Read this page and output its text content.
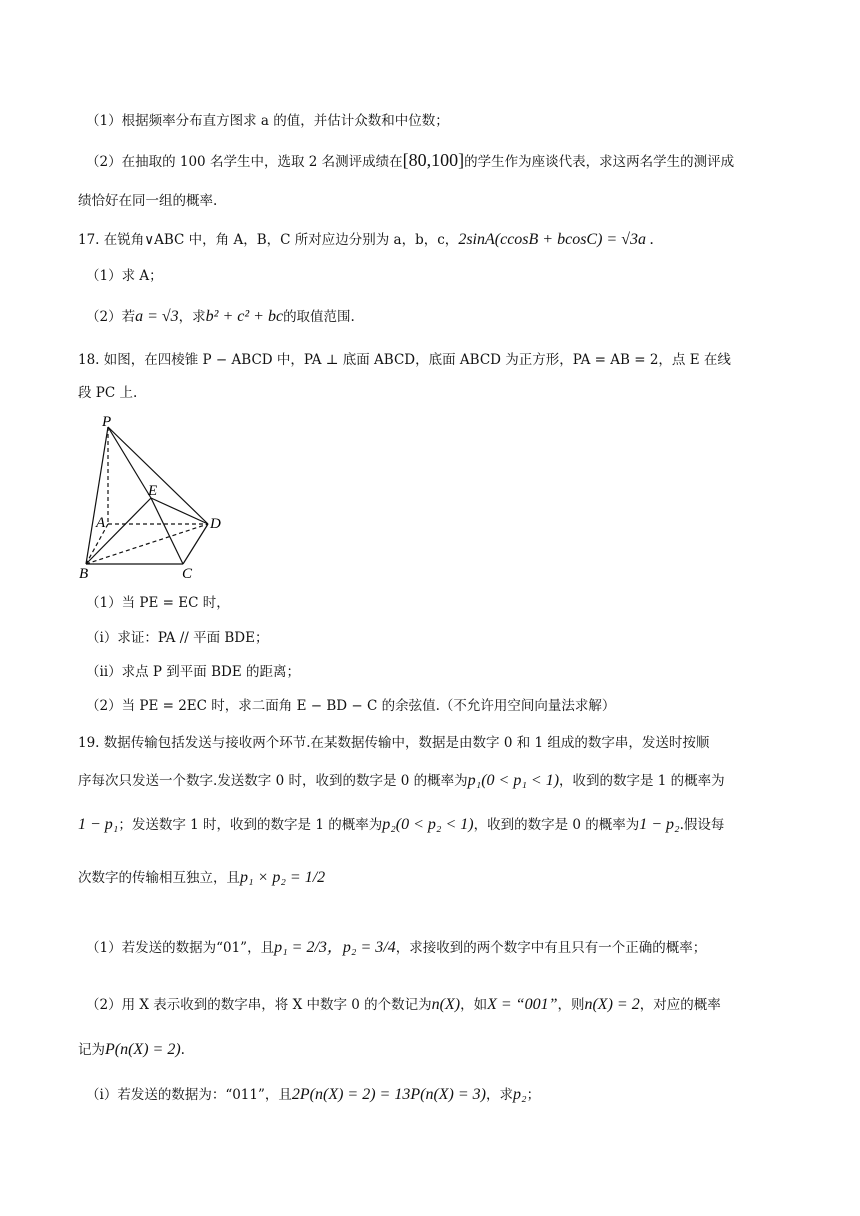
（1）根据频率分布直方图求 a 的值，并估计众数和中位数；
（2）在抽取的 100 名学生中，选取 2 名测评成绩在[80,100]的学生作为座谈代表，求这两名学生的测评成
绩恰好在同一组的概率.
17. 在锐角∨ABC 中，角 A，B，C 所对应边分别为 a，b，c，2sinA(ccosB + bcosC) = √3a .
（1）求 A；
（2）若a = √3，求b² + c² + bc的取值范围.
18. 如图，在四棱锥 P − ABCD 中，PA ⊥ 底面 ABCD，底面 ABCD 为正方形，PA = AB = 2，点 E 在线
段 PC 上.
P
E
A	D
B	C
（1）当 PE = EC 时，
（ⅰ）求证：PA // 平面 BDE；
（ⅱ）求点 P 到平面 BDE 的距离；
（2）当 PE = 2EC 时，求二面角 E − BD − C 的余弦值.（不允许用空间向量法求解）
19. 数据传输包括发送与接收两个环节.在某数据传输中，数据是由数字 0 和 1 组成的数字串，发送时按顺
序每次只发送一个数字.发送数字 0 时，收到的数字是 0 的概率为p₁(0 < p₁ < 1)，收到的数字是 1 的概率为
1 − p₁；发送数字 1 时，收到的数字是 1 的概率为p₂(0 < p₂ < 1)，收到的数字是 0 的概率为1 − p₂.假设每
次数字的传输相互独立，且p₁ × p₂ = 1/2
（1）若发送的数据为“01”，且p₁ = 2/3，p₂ = 3/4，求接收到的两个数字中有且只有一个正确的概率；
（2）用 X 表示收到的数字串，将 X 中数字 0 的个数记为n(X)，如X = “001”，则n(X) = 2，对应的概率
记为P(n(X) = 2).
（ⅰ）若发送的数据为：“011”，且2P(n(X) = 2) = 13P(n(X) = 3)，求p₂；
